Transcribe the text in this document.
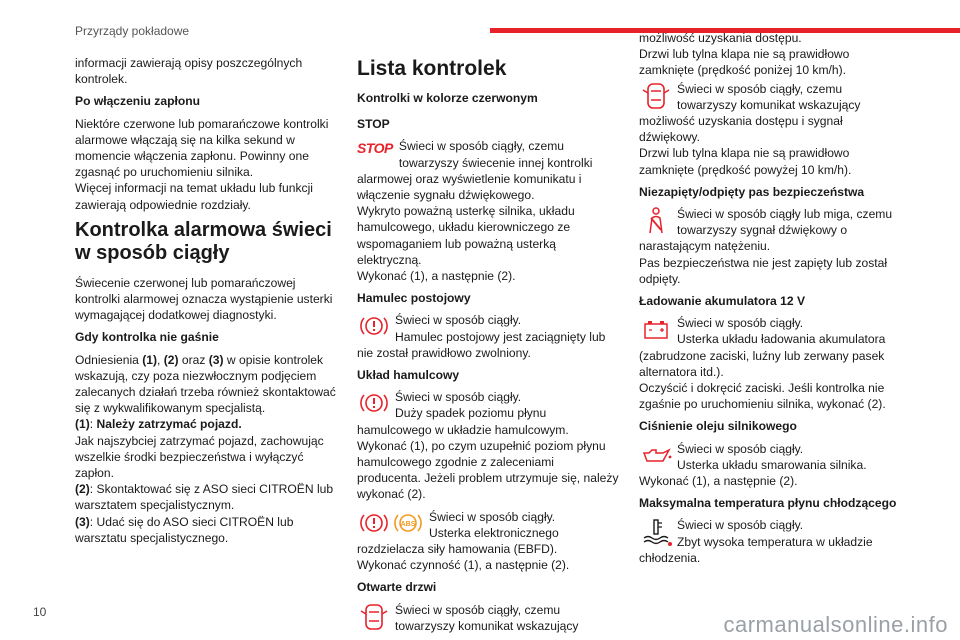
Przyrządy pokładowe

informacji zawierają opisy poszczególnych kontrolek.

Po włączeniu zapłonu

Niektóre czerwone lub pomarańczowe kontrolki alarmowe włączają się na kilka sekund w momencie włączenia zapłonu. Powinny one zgasnąć po uruchomieniu silnika.

Więcej informacji na temat układu lub funkcji zawierają odpowiednie rozdziały.

Kontrolka alarmowa świeci w sposób ciągły

Świecenie czerwonej lub pomarańczowej kontrolki alarmowej oznacza wystąpienie usterki wymagającej dodatkowej diagnostyki.

Gdy kontrolka nie gaśnie

Odniesienia (1), (2) oraz (3) w opisie kontrolek wskazują, czy poza niezwłocznym podjęciem zalecanych działań trzeba również skontaktować się z wykwalifikowanym specjalistą.

(1): Należy zatrzymać pojazd.
Jak najszybciej zatrzymać pojazd, zachowując wszelkie środki bezpieczeństwa i wyłączyć zapłon.
(2): Skontaktować się z ASO sieci CITROËN lub warsztatem specjalistycznym.
(3): Udać się do ASO sieci CITROËN lub warsztatu specjalistycznego.
Lista kontrolek
Kontrolki w kolorze czerwonym
STOP
STOP Świeci w sposób ciągły, czemu towarzyszy świecenie innej kontrolki alarmowej oraz wyświetlenie komunikatu i włączenie sygnału dźwiękowego.
Wykryto poważną usterkę silnika, układu hamulcowego, układu kierowniczego ze wspomaganiem lub poważną usterką elektryczną.
Wykonać (1), a następnie (2).
Hamulec postojowy
Świeci w sposób ciągły.
Hamulec postojowy jest zaciągnięty lub nie został prawidłowo zwolniony.
Układ hamulcowy
Świeci w sposób ciągły.
Duży spadek poziomu płynu hamulcowego w układzie hamulcowym.
Wykonać (1), po czym uzupełnić poziom płynu hamulcowego zgodnie z zaleceniami producenta. Jeżeli problem utrzymuje się, należy wykonać (2).
ABS
Świeci w sposób ciągły.
Usterka elektronicznego rozdzielacza siły hamowania (EBFD).
Wykonać czynność (1), a następnie (2).
Otwarte drzwi
Świeci w sposób ciągły, czemu towarzyszy komunikat wskazujący
możliwość uzyskania dostępu.
Drzwi lub tylna klapa nie są prawidłowo zamknięte (prędkość poniżej 10 km/h).
Świeci w sposób ciągły, czemu towarzyszy komunikat wskazujący możliwość uzyskania dostępu i sygnał dźwiękowy.
Drzwi lub tylna klapa nie są prawidłowo zamknięte (prędkość powyżej 10 km/h).
Niezapięty/odpięty pas bezpieczeństwa
Świeci w sposób ciągły lub miga, czemu towarzyszy sygnał dźwiękowy o narastającym natężeniu.
Pas bezpieczeństwa nie jest zapięty lub został odpięty.
Ładowanie akumulatora 12 V
Świeci w sposób ciągły.
Usterka układu ładowania akumulatora (zabrudzone zaciski, luźny lub zerwany pasek alternatora itd.).
Oczyścić i dokręcić zaciski. Jeśli kontrolka nie zgaśnie po uruchomieniu silnika, wykonać (2).
Ciśnienie oleju silnikowego
Świeci w sposób ciągły.
Usterka układu smarowania silnika.
Wykonać (1), a następnie (2).
Maksymalna temperatura płynu chłodzącego
Świeci w sposób ciągły.
Zbyt wysoka temperatura w układzie chłodzenia.
10	carmanualsonline.info
